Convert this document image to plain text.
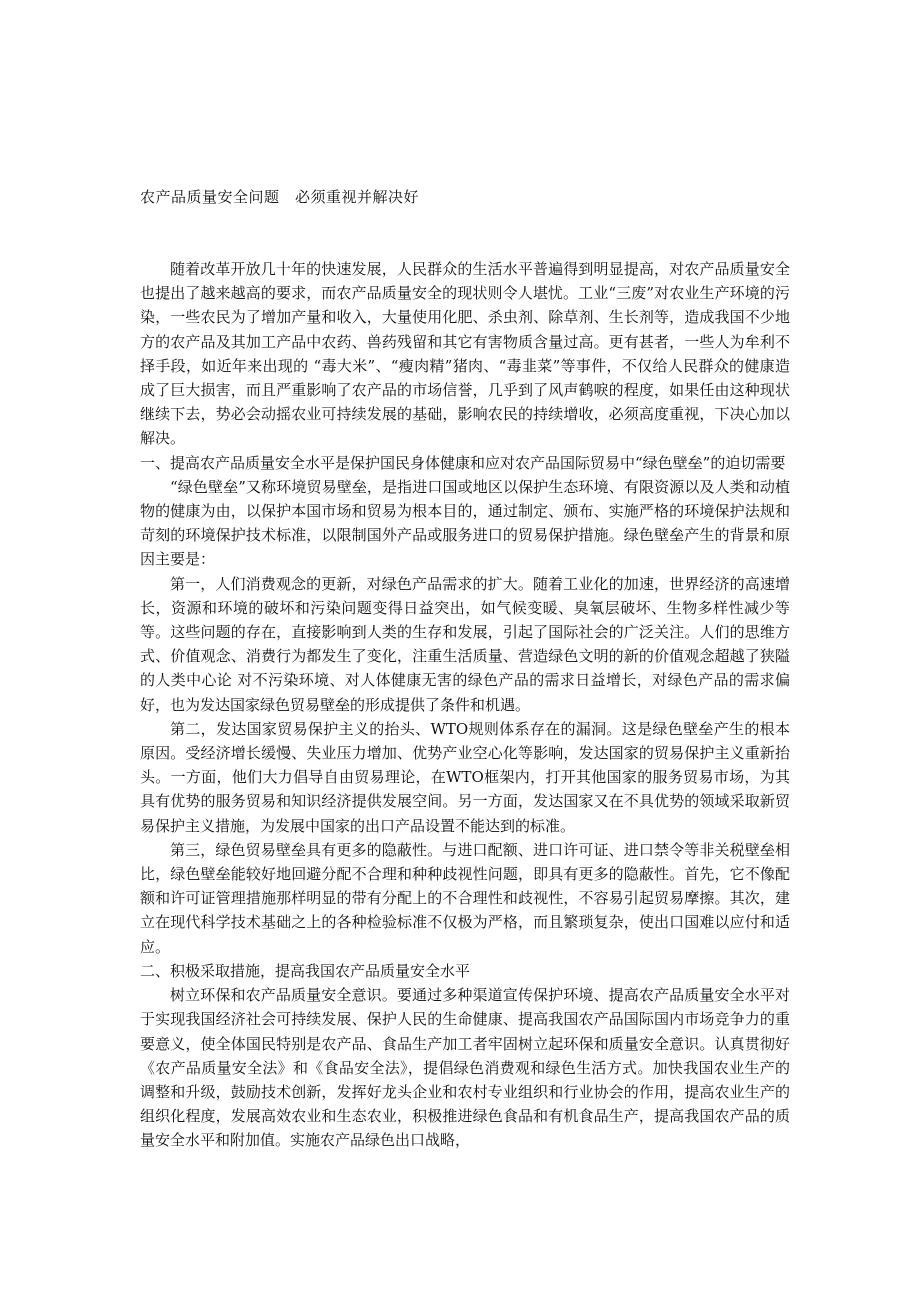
农产品质量安全问题　必须重视并解决好

随着改革开放几十年的快速发展，人民群众的生活水平普遍得到明显提高，对农产品质量安全也提出了越来越高的要求，而农产品质量安全的现状则令人堪忧。工业“三废”对农业生产环境的污染，一些农民为了增加产量和收入，大量使用化肥、杀虫剂、除草剂、生长剂等，造成我国不少地方的农产品及其加工产品中农药、兽药残留和其它有害物质含量过高。更有甚者，一些人为牟利不择手段，如近年来出现的 “毒大米”、“瘦肉精”猪肉、“毒韭菜”等事件，不仅给人民群众的健康造成了巨大损害，而且严重影响了农产品的市场信誉，几乎到了风声鹤唳的程度，如果任由这种现状继续下去，势必会动摇农业可持续发展的基础，影响农民的持续增收，必须高度重视，下决心加以解决。

一、提高农产品质量安全水平是保护国民身体健康和应对农产品国际贸易中“绿色壁垒”的迫切需要

“绿色壁垒”又称环境贸易壁垒，是指进口国或地区以保护生态环境、有限资源以及人类和动植物的健康为由，以保护本国市场和贸易为根本目的，通过制定、颁布、实施严格的环境保护法规和苛刻的环境保护技术标准，以限制国外产品或服务进口的贸易保护措施。绿色壁垒产生的背景和原因主要是：

第一，人们消费观念的更新，对绿色产品需求的扩大。随着工业化的加速，世界经济的高速增长，资源和环境的破坏和污染问题变得日益突出，如气候变暖、臭氧层破坏、生物多样性减少等等。这些问题的存在，直接影响到人类的生存和发展，引起了国际社会的广泛关注。人们的思维方式、价值观念、消费行为都发生了变化，注重生活质量、营造绿色文明的新的价值观念超越了狭隘的人类中心论 对不污染环境、对人体健康无害的绿色产品的需求日益增长，对绿色产品的需求偏好，也为发达国家绿色贸易壁垒的形成提供了条件和机遇。

第二，发达国家贸易保护主义的抬头、WTO规则体系存在的漏洞。这是绿色壁垒产生的根本原因。受经济增长缓慢、失业压力增加、优势产业空心化等影响，发达国家的贸易保护主义重新抬头。一方面，他们大力倡导自由贸易理论，在WTO框架内，打开其他国家的服务贸易市场，为其具有优势的服务贸易和知识经济提供发展空间。另一方面，发达国家又在不具优势的领域采取新贸易保护主义措施，为发展中国家的出口产品设置不能达到的标准。

第三，绿色贸易壁垒具有更多的隐蔽性。与进口配额、进口许可证、进口禁令等非关税壁垒相比，绿色壁垒能较好地回避分配不合理和种种歧视性问题，即具有更多的隐蔽性。首先，它不像配额和许可证管理措施那样明显的带有分配上的不合理性和歧视性，不容易引起贸易摩擦。其次，建立在现代科学技术基础之上的各种检验标准不仅极为严格，而且繁琐复杂，使出口国难以应付和适应。

二、积极采取措施，提高我国农产品质量安全水平

树立环保和农产品质量安全意识。要通过多种渠道宣传保护环境、提高农产品质量安全水平对于实现我国经济社会可持续发展、保护人民的生命健康、提高我国农产品国际国内市场竞争力的重要意义，使全体国民特别是农产品、食品生产加工者牢固树立起环保和质量安全意识。认真贯彻好《农产品质量安全法》和《食品安全法》，提倡绿色消费观和绿色生活方式。加快我国农业生产的调整和升级，鼓励技术创新，发挥好龙头企业和农村专业组织和行业协会的作用，提高农业生产的组织化程度，发展高效农业和生态农业，积极推进绿色食品和有机食品生产，提高我国农产品的质量安全水平和附加值。实施农产品绿色出口战略，
